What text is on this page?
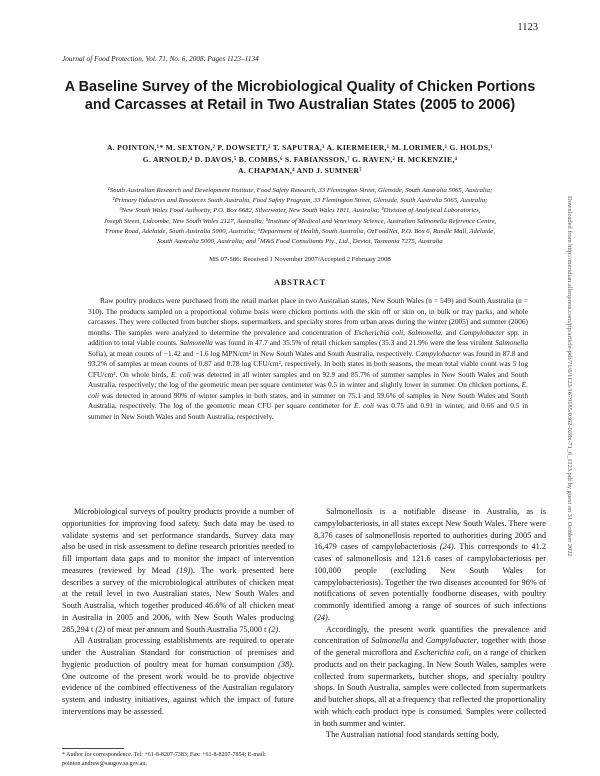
1123
Journal of Food Protection, Vol. 71, No. 6, 2008, Pages 1123–1134
A Baseline Survey of the Microbiological Quality of Chicken Portions and Carcasses at Retail in Two Australian States (2005 to 2006)
A. POINTON,¹* M. SEXTON,² P. DOWSETT,² T. SAPUTRA,³ A. KIERMEIER,¹ M. LORIMER,¹ G. HOLDS,¹
G. ARNOLD,⁴ D. DAVOS,⁵ B. COMBS,⁶ S. FABIANSSON,⁷ G. RAVEN,² H. MCKENZIE,⁴
A. CHAPMAN,⁴ AND J. SUMNER⁷
¹South Australian Research and Development Institute, Food Safety Research, 33 Flemington Street, Glenside, South Australia 5065, Australia;
²Primary Industries and Resources South Australia, Food Safety Program, 33 Flemington Street, Glenside, South Australia 5065, Australia;
³New South Wales Food Authority, P.O. Box 6682, Silverwater, New South Wales 1811, Australia; ⁴Division of Analytical Laboratories,
Joseph Street, Lidcombe, New South Wales 2127, Australia; ⁵Institute of Medical and Veterinary Science, Australian Salmonella Reference Centre,
Frome Road, Adelaide, South Australia 5000, Australia; ⁶Department of Health, South Australia, OzFoodNet, P.O. Box 6, Rundle Mall, Adelaide,
South Australia 5000, Australia; and ⁷M&S Food Consultants Pty., Ltd., Deviot, Tasmania 7275, Australia
MS 07-586: Received 1 November 2007/Accepted 2 February 2008
ABSTRACT

Raw poultry products were purchased from the retail market place in two Australian states, New South Wales (n = 549) and South Australia (n = 310). The products sampled on a proportional volume basis were chicken portions with the skin off or skin on, in bulk or tray packs, and whole carcasses. They were collected from butcher shops, supermarkets, and specialty stores from urban areas during the winter (2005) and summer (2006) months. The samples were analyzed to determine the prevalence and concentration of Escherichia coli, Salmonella, and Campylobacter spp. in addition to total viable counts. Salmonella was found in 47.7 and 35.5% of retail chicken samples (35.3 and 21.9% were the less virulent Salmonella Sofia), at mean counts of −1.42 and −1.6 log MPN/cm² in New South Wales and South Australia, respectively. Campylobacter was found in 87.8 and 93.2% of samples at mean counts of 0.87 and 0.78 log CFU/cm², respectively. In both states in both seasons, the mean total viable count was 5 log CFU/cm². On whole birds, E. coli was detected in all winter samples and on 92.9 and 85.7% of summer samples in New South Wales and South Australia, respectively; the log of the geometric mean per square centimeter was 0.5 in winter and slightly lower in summer. On chicken portions, E. coli was detected in around 90% of winter samples in both states, and in summer on 75.1 and 59.6% of samples in New South Wales and South Australia, respectively. The log of the geometric mean CFU per square centimeter for E. coli was 0.75 and 0.91 in winter, and 0.66 and 0.5 in summer in New South Wales and South Australia, respectively.

Microbiological surveys of poultry products provide a number of opportunities for improving food safety. Such data may be used to validate systems and set performance standards. Survey data may also be used in risk assessment to define research priorities needed to fill important data gaps and to monitor the impact of intervention measures (reviewed by Mead (19)). The work presented here describes a survey of the microbiological attributes of chicken meat at the retail level in two Australian states, New South Wales and South Australia, which together produced 46.6% of all chicken meat in Australia in 2005 and 2006, with New South Wales producing 285,294 t (2) of meat per annum and South Australia 75,000 t (2).

All Australian processing establishments are required to operate under the Australian Standard for construction of premises and hygienic production of poultry meat for human consumption (38). One outcome of the present work would be to provide objective evidence of the combined effectiveness of the Australian regulatory system and industry initiatives, against which the impact of future interventions may be assessed.

Salmonellosis is a notifiable disease in Australia, as is campylobacteriosis, in all states except New South Wales. There were 8,376 cases of salmonellosis reported to authorities during 2005 and 16,479 cases of campylobacteriosis (24). This corresponds to 41.2 cases of salmonellosis and 121.6 cases of campylobacteriosis per 100,000 people (excluding New South Wales for campylobacteriosis). Together the two diseases accounted for 96% of notifications of seven potentially foodborne diseases, with poultry commonly identified among a range of sources of such infections (24).

Accordingly, the present work quantifies the prevalence and concentration of Salmonella and Campylobacter, together with those of the general microflora and Escherichia coli, on a range of chicken products and on their packaging. In New South Wales, samples were collected from supermarkets, butcher shops, and specialty poultry shops. In South Australia, samples were collected from supermarkets and butcher shops, all at a frequency that reflected the proportionality with which each product type is consumed. Samples were collected in both summer and winter.

The Australian national food standards setting body,

* Author for correspondence. Tel: +61-8-8207-7383; Fax: +61-8-8207-7854; E-mail: pointon.andrew@saugov.sa.gov.au.
Downloaded from http://meridian.allenpress.com/jfp/article-pdf/71/6/1123/1679185/0362-028x-71_6_1123.pdf by guest on 31 October 2022
